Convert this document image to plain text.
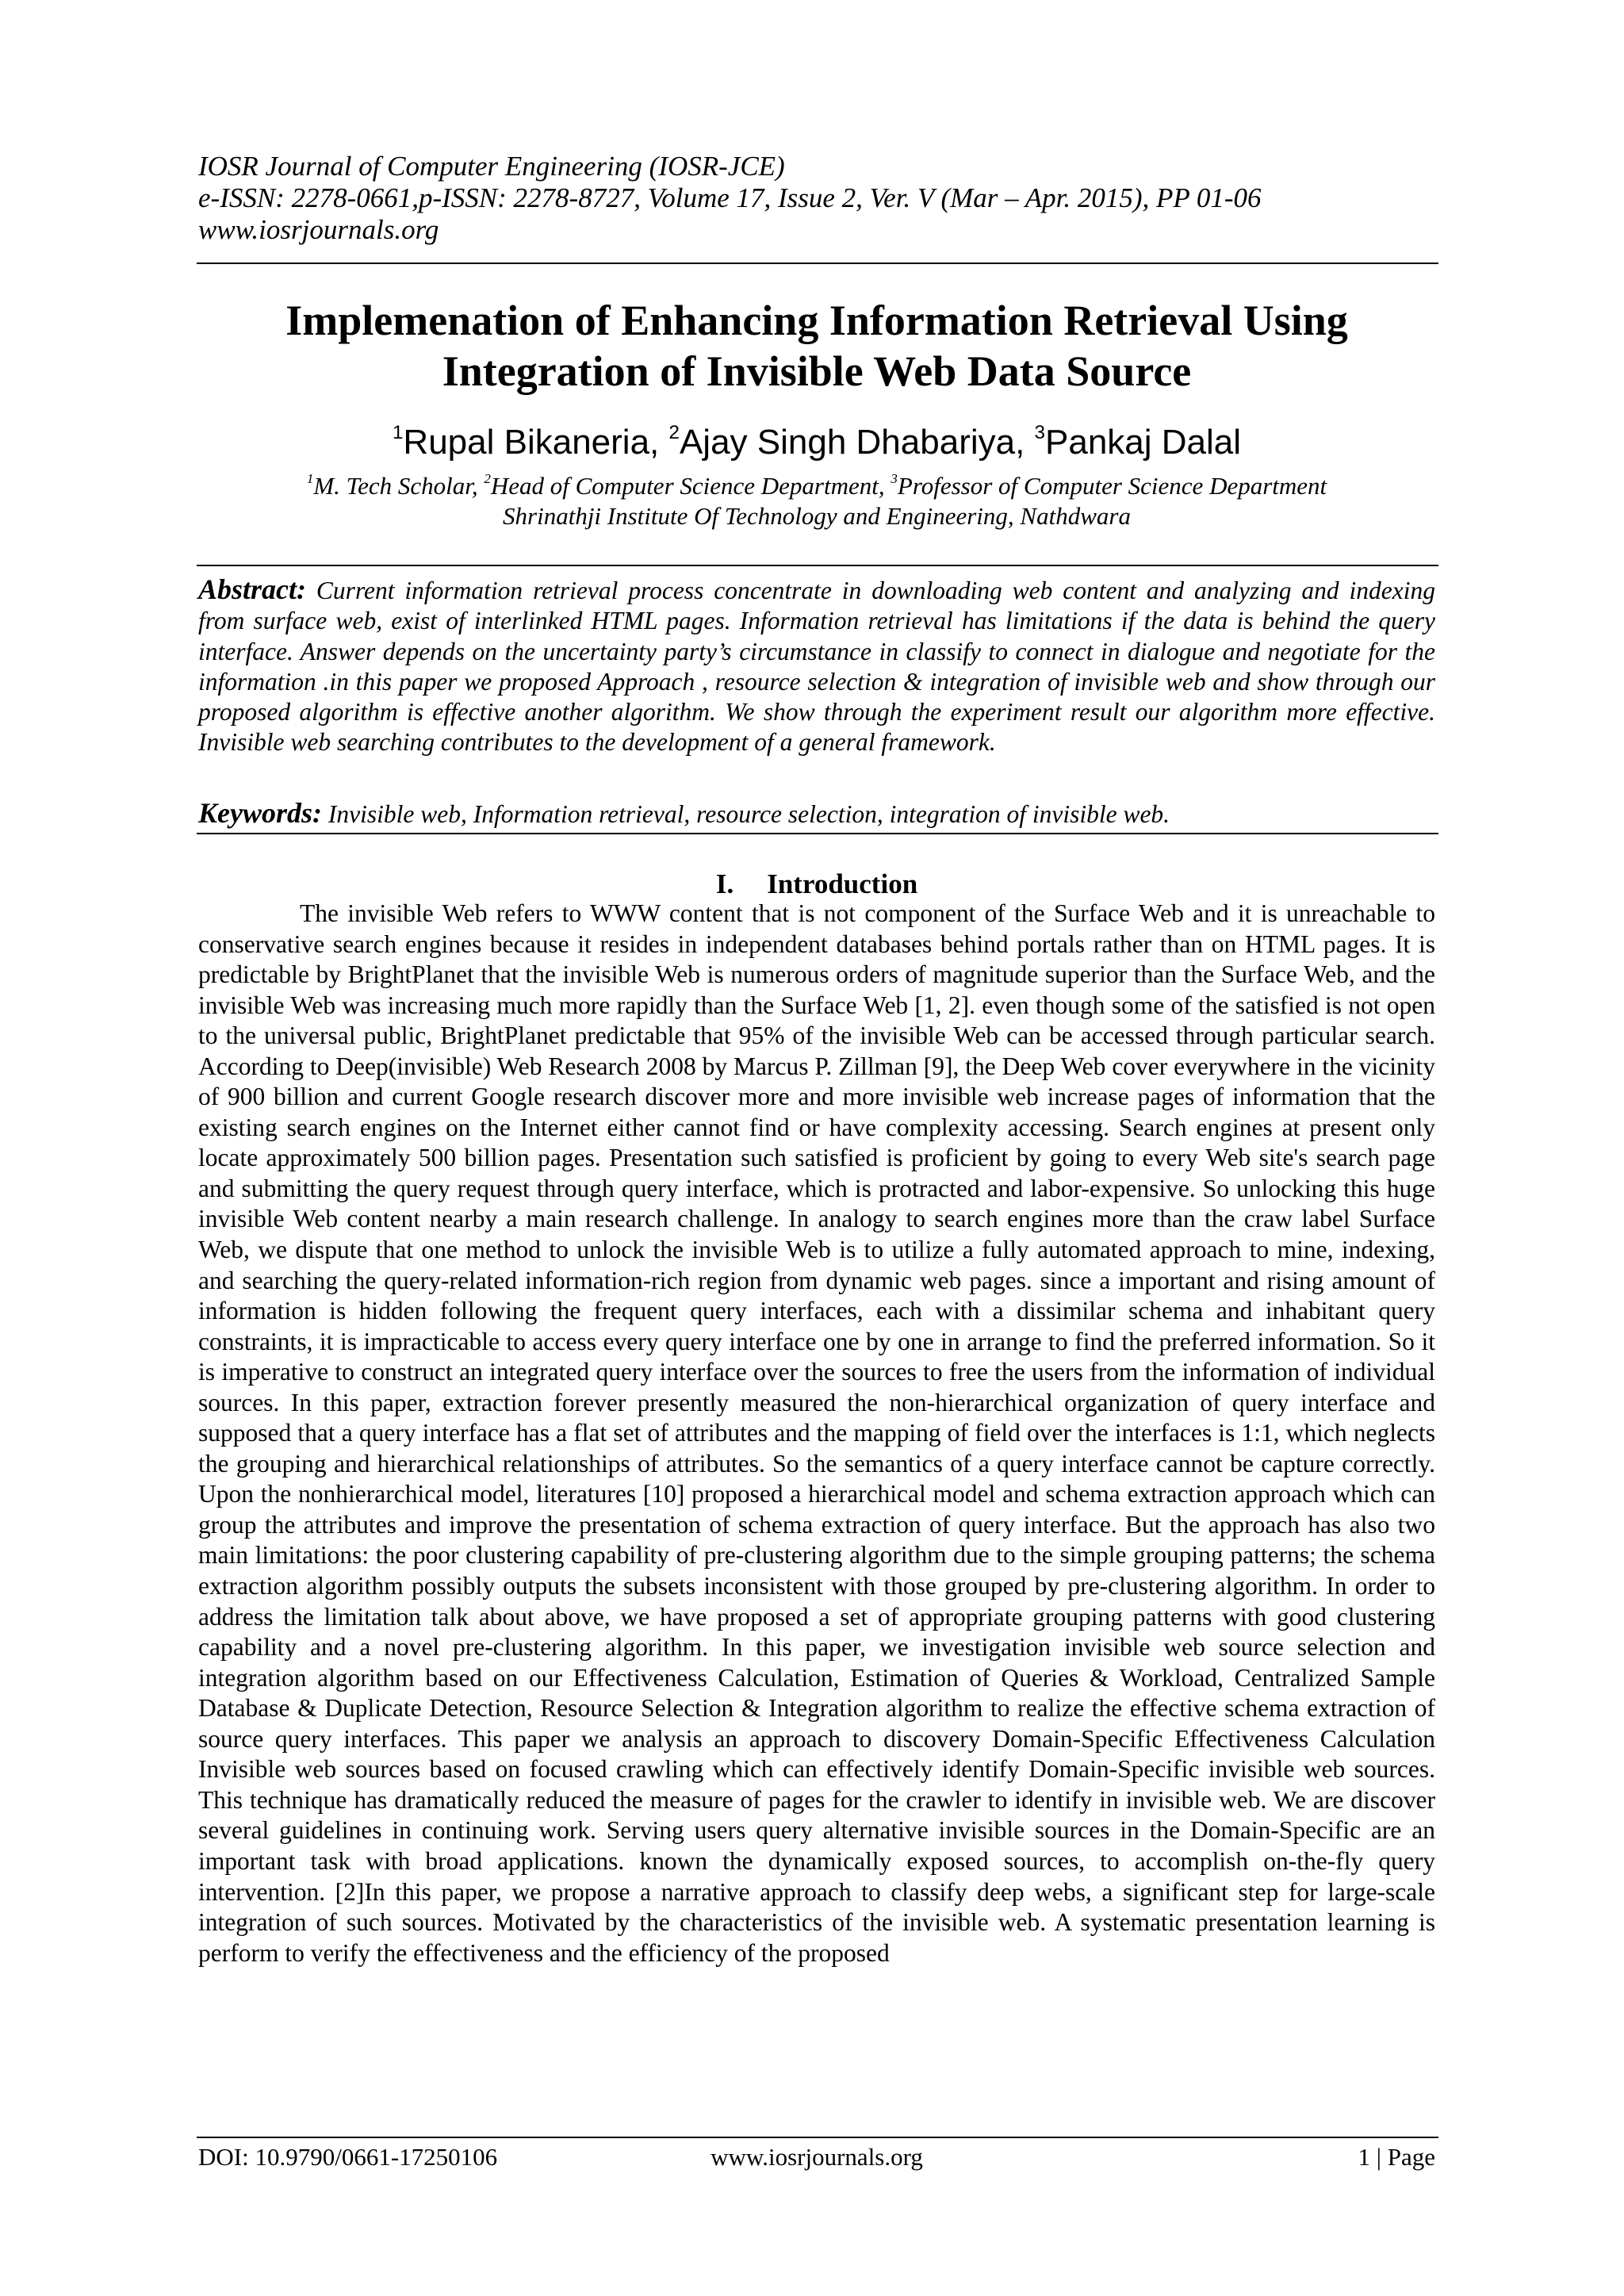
IOSR Journal of Computer Engineering (IOSR-JCE)
e-ISSN: 2278-0661,p-ISSN: 2278-8727, Volume 17, Issue 2, Ver. V (Mar – Apr. 2015), PP 01-06
www.iosrjournals.org
Implemenation of Enhancing Information Retrieval Using
Integration of Invisible Web Data Source
$^1$Rupal Bikaneria, $^2$Ajay Singh Dhabariya, $^3$Pankaj Dalal
$^1$M. Tech Scholar, $^2$Head of Computer Science Department, $^3$Professor of Computer Science Department
Shrinathji Institute Of Technology and Engineering, Nathdwara
Abstract: Current information retrieval process concentrate in downloading web content and analyzing and indexing from surface web, exist of interlinked HTML pages. Information retrieval has limitations if the data is behind the query interface. Answer depends on the uncertainty party’s circumstance in classify to connect in dialogue and negotiate for the information .in this paper we proposed Approach , resource selection & integration of invisible web and show through our proposed algorithm is effective another algorithm. We show through the experiment result our algorithm more effective. Invisible web searching contributes to the development of a general framework.
Keywords: Invisible web, Information retrieval, resource selection, integration of invisible web.
I. Introduction

The invisible Web refers to WWW content that is not component of the Surface Web and it is unreachable to conservative search engines because it resides in independent databases behind portals rather than on HTML pages. It is predictable by BrightPlanet that the invisible Web is numerous orders of magnitude superior than the Surface Web, and the invisible Web was increasing much more rapidly than the Surface Web [1, 2]. even though some of the satisfied is not open to the universal public, BrightPlanet predictable that 95% of the invisible Web can be accessed through particular search. According to Deep(invisible) Web Research 2008 by Marcus P. Zillman [9], the Deep Web cover everywhere in the vicinity of 900 billion and current Google research discover more and more invisible web increase pages of information that the existing search engines on the Internet either cannot find or have complexity accessing. Search engines at present only locate approximately 500 billion pages. Presentation such satisfied is proficient by going to every Web site's search page and submitting the query request through query interface, which is protracted and labor-expensive. So unlocking this huge invisible Web content nearby a main research challenge. In analogy to search engines more than the craw label Surface Web, we dispute that one method to unlock the invisible Web is to utilize a fully automated approach to mine, indexing, and searching the query-related information-rich region from dynamic web pages. since a important and rising amount of information is hidden following the frequent query interfaces, each with a dissimilar schema and inhabitant query constraints, it is impracticable to access every query interface one by one in arrange to find the preferred information. So it is imperative to construct an integrated query interface over the sources to free the users from the information of individual sources. In this paper, extraction forever presently measured the non-hierarchical organization of query interface and supposed that a query interface has a flat set of attributes and the mapping of field over the interfaces is 1:1, which neglects the grouping and hierarchical relationships of attributes. So the semantics of a query interface cannot be capture correctly. Upon the nonhierarchical model, literatures [10] proposed a hierarchical model and schema extraction approach which can group the attributes and improve the presentation of schema extraction of query interface. But the approach has also two main limitations: the poor clustering capability of pre-clustering algorithm due to the simple grouping patterns; the schema extraction algorithm possibly outputs the subsets inconsistent with those grouped by pre-clustering algorithm. In order to address the limitation talk about above, we have proposed a set of appropriate grouping patterns with good clustering capability and a novel pre-clustering algorithm. In this paper, we investigation invisible web source selection and integration algorithm based on our Effectiveness Calculation, Estimation of Queries & Workload, Centralized Sample Database & Duplicate Detection, Resource Selection & Integration algorithm to realize the effective schema extraction of source query interfaces. This paper we analysis an approach to discovery Domain-Specific Effectiveness Calculation Invisible web sources based on focused crawling which can effectively identify Domain-Specific invisible web sources. This technique has dramatically reduced the measure of pages for the crawler to identify in invisible web. We are discover several guidelines in continuing work. Serving users query alternative invisible sources in the Domain-Specific are an important task with broad applications. known the dynamically exposed sources, to accomplish on-the-fly query intervention. [2]In this paper, we propose a narrative approach to classify deep webs, a significant step for large-scale integration of such sources. Motivated by the characteristics of the invisible web. A systematic presentation learning is perform to verify the effectiveness and the efficiency of the proposed

DOI: 10.9790/0661-17250106	www.iosrjournals.org	1 | Page
